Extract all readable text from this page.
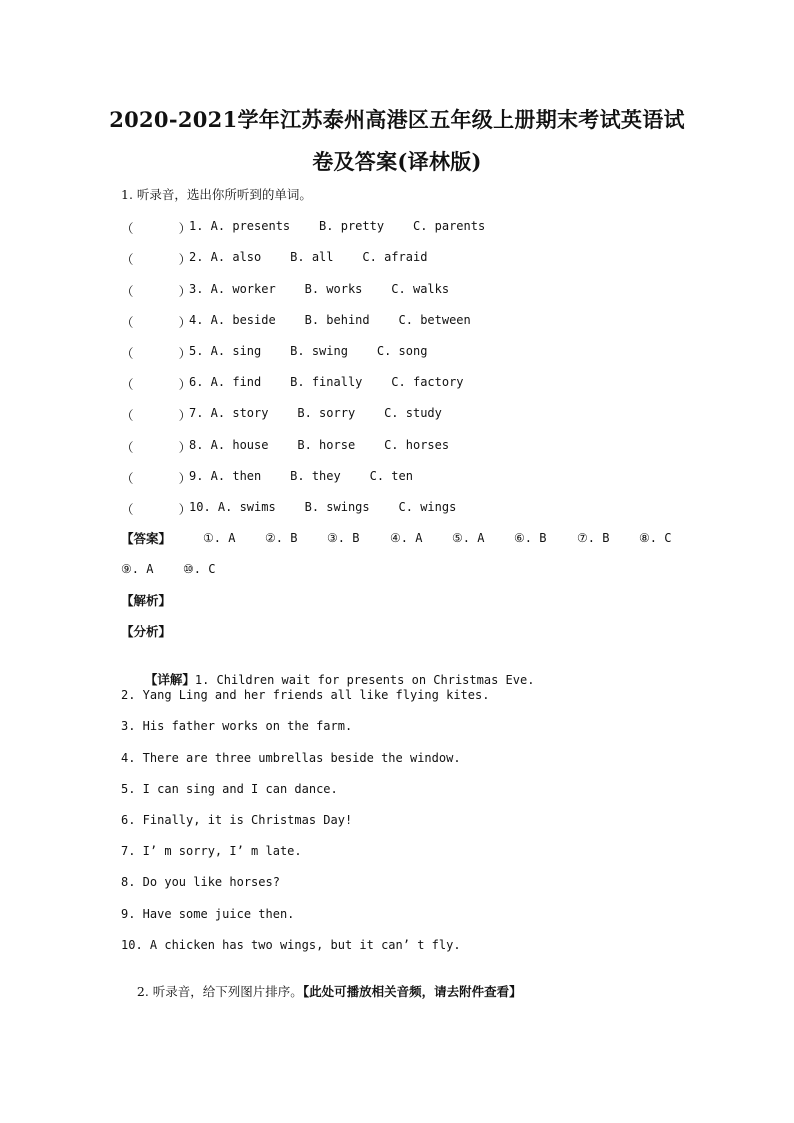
2020-2021学年江苏泰州高港区五年级上册期末考试英语试
卷及答案(译林版)
1. 听录音，选出你所听到的单词。
（      ）
1. A. presents    B. pretty    C. parents
（      ）
2. A. also    B. all    C. afraid
（      ）
3. A. worker    B. works    C. walks
（      ）
4. A. beside    B. behind    C. between
（      ）
5. A. sing    B. swing    C. song
（      ）
6. A. find    B. finally    C. factory
（      ）
7. A. story    B. sorry    C. study
（      ）
8. A. house    B. horse    C. horses
（      ）
9. A. then    B. they    C. ten
（      ）
10. A. swims    B. swings    C. wings
【答案】	①. A ②. B ③. B	④. A ⑤. A ⑥. B	⑦. B ⑧. C
⑨. A ⑩. C
【解析】
【分析】

【详解】1. Children wait for presents on Christmas Eve.

2. Yang Ling and her friends all like flying kites.
3. His father works on the farm.
4. There are three umbrellas beside the window.
5. I can sing and I can dance.
6. Finally, it is Christmas Day!
7. I’ m sorry, I’ m late.
8. Do you like horses?
9. Have some juice then.
10. A chicken has two wings, but it can’ t fly.

2. 听录音，给下列图片排序。【此处可播放相关音频，请去附件查看】
